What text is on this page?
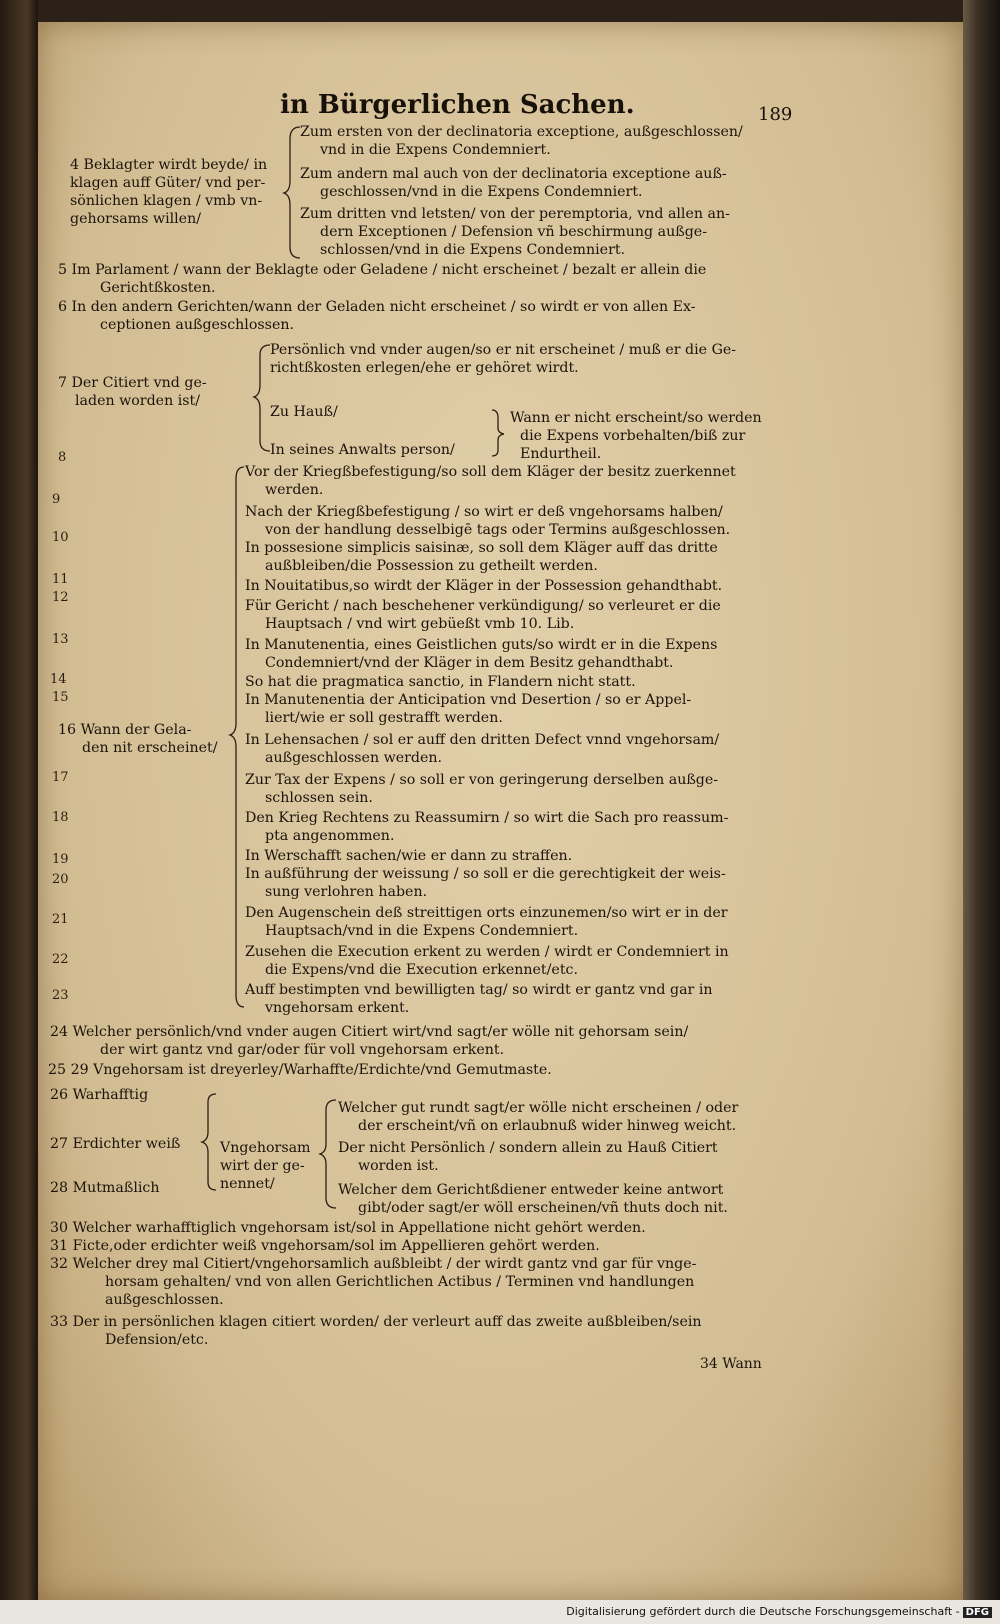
in Bürgerlichen Sachen.	189
Zum ersten von der declinatoria exceptione, außgeschlossen/
vnd in die Expens Condemniert.
Zum andern mal auch von der declinatoria exceptione auß-
geschlossen/vnd in die Expens Condemniert.
Zum dritten vnd letsten/ von der peremptoria, vnd allen an-
dern Exceptionen / Defension vñ beschirmung außge-
schlossen/vnd in die Expens Condemniert.
4 Beklagter wirdt beyde/ in
klagen auff Güter/ vnd per-
sönlichen klagen / vmb vn-
gehorsams willen/
5 Im Parlament / wann der Beklagte oder Geladene / nicht erscheinet / bezalt er allein die
Gerichtßkosten.
6 In den andern Gerichten/wann der Geladen nicht erscheinet / so wirdt er von allen Ex-
ceptionen außgeschlossen.
Persönlich vnd vnder augen/so er nit erscheinet / muß er die Ge-
richtßkosten erlegen/ehe er gehöret wirdt.
7 Der Citiert vnd ge-
laden worden ist/
Zu Hauß/	Wann er nicht erscheint/so werden
die Expens vorbehalten/biß zur
Endurtheil.
In seines Anwalts person/
Vor der Kriegßbefestigung/so soll dem Kläger der besitz zuerkennet
werden.
Nach der Kriegßbefestigung / so wirt er deß vngehorsams halben/
von der handlung desselbigē tags oder Termins außgeschlossen.
In possesione simplicis saisinæ, so soll dem Kläger auff das dritte
außbleiben/die Possession zu getheilt werden.
In Nouitatibus,so wirdt der Kläger in der Possession gehandthabt.
Für Gericht / nach beschehener verkündigung/ so verleuret er die
Hauptsach / vnd wirt gebüeßt vmb 10. Lib.
In Manutenentia, eines Geistlichen guts/so wirdt er in die Expens
Condemniert/vnd der Kläger in dem Besitz gehandthabt.
So hat die pragmatica sanctio, in Flandern nicht statt.
In Manutenentia der Anticipation vnd Desertion / so er Appel-
liert/wie er soll gestrafft werden.
16 Wann der Gela-
den nit erscheinet/ In Lehensachen / sol er auff den dritten Defect vnnd vngehorsam/
außgeschlossen werden.
Zur Tax der Expens / so soll er von geringerung derselben außge-
schlossen sein.
Den Krieg Rechtens zu Reassumirn / so wirt die Sach pro reassum-
pta angenommen.
In Werschafft sachen/wie er dann zu straffen.
In außführung der weissung / so soll er die gerechtigkeit der weis-
sung verlohren haben.
Den Augenschein deß streittigen orts einzunemen/so wirt er in der
Hauptsach/vnd in die Expens Condemniert.
Zusehen die Execution erkent zu werden / wirdt er Condemniert in
die Expens/vnd die Execution erkennet/etc.
Auff bestimpten vnd bewilligten tag/ so wirdt er gantz vnd gar in
vngehorsam erkent.
24 Welcher persönlich/vnd vnder augen Citiert wirt/vnd sagt/er wölle nit gehorsam sein/
der wirt gantz vnd gar/oder für voll vngehorsam erkent.
25 29 Vngehorsam ist dreyerley/Warhaffte/Erdichte/vnd Gemutmaste.
26 Warhafftig
27 Erdichter weiß
28 Mutmaßlich
Vngehorsam
wirt der ge-
nennet/
Welcher gut rundt sagt/er wölle nicht erscheinen / oder
der erscheint/vñ on erlaubnuß wider hinweg weicht.
Der nicht Persönlich / sondern allein zu Hauß Citiert
worden ist.
Welcher dem Gerichtßdiener entweder keine antwort
gibt/oder sagt/er wöll erscheinen/vñ thuts doch nit.
30 Welcher warhafftiglich vngehorsam ist/sol in Appellatione nicht gehört werden.
31 Ficte,oder erdichter weiß vngehorsam/sol im Appellieren gehört werden.
32 Welcher drey mal Citiert/vngehorsamlich außbleibt / der wirdt gantz vnd gar für vnge-
horsam gehalten/ vnd von allen Gerichtlichen Actibus / Terminen vnd handlungen
außgeschlossen.
33 Der in persönlichen klagen citiert worden/ der verleurt auff das zweite außbleiben/sein
Defension/etc.
8
9
10
11
12
13
14
15
17
18
19
20
21
22
23
34 Wann
Digitalisierung gefördert durch die Deutsche Forschungsgemeinschaft - DFG
